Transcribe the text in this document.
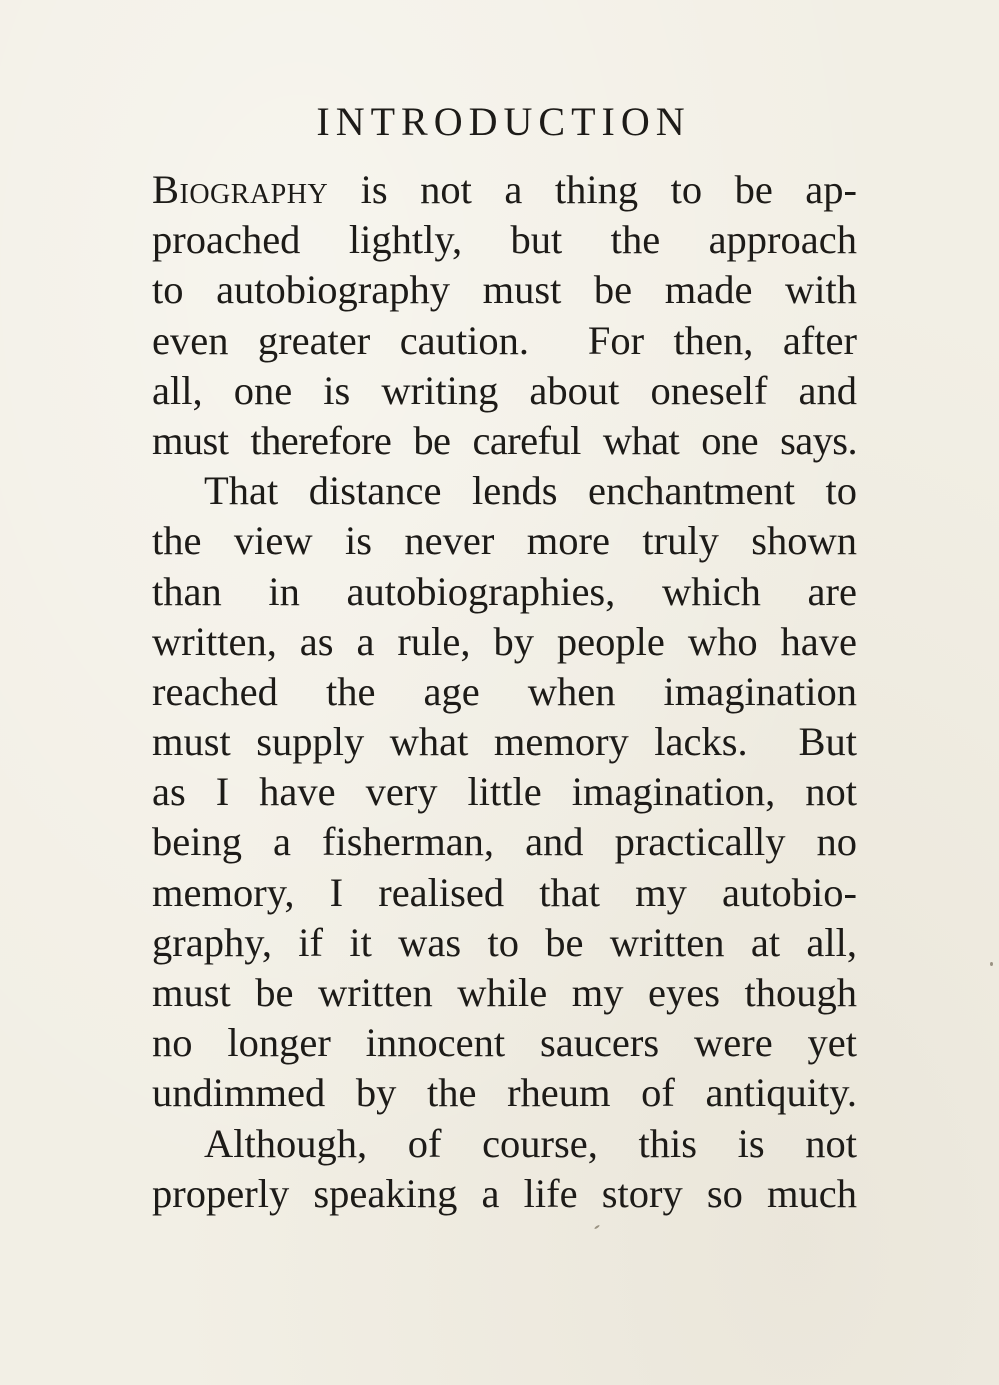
INTRODUCTION
Biography is not a thing to be ap-
proached lightly, but the approach
to autobiography must be made with
even greater caution.  For then, after
all, one is writing about oneself and
must therefore be careful what one says.
That distance lends enchantment to
the view is never more truly shown
than in autobiographies, which are
written, as a rule, by people who have
reached the age when imagination
must supply what memory lacks.  But
as I have very little imagination, not
being a fisherman, and practically no
memory, I realised that my autobio-
graphy, if it was to be written at all,
must be written while my eyes though
no longer innocent saucers were yet
undimmed by the rheum of antiquity.
Although, of course, this is not
properly speaking a life story so much
